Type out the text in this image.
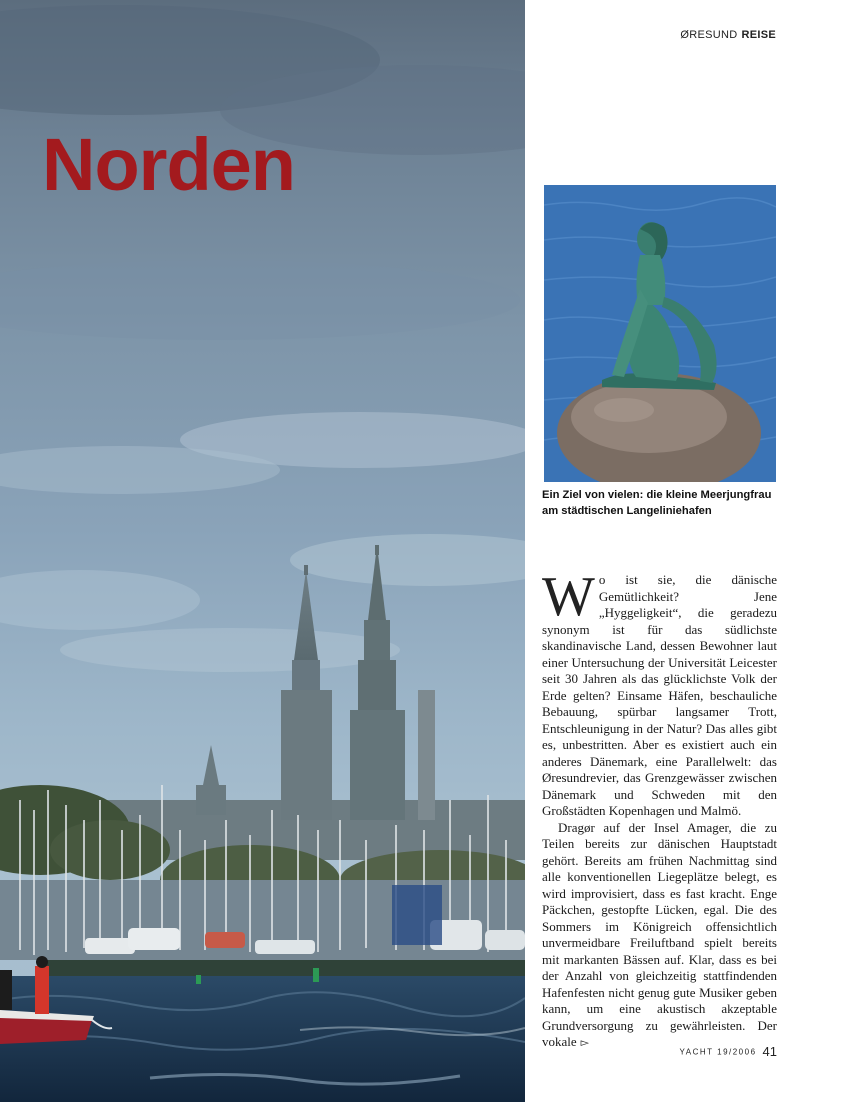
Norden
ØRESUND REISE

Ein Ziel von vielen: die kleine Meerjungfrau am städtischen Langeliniehafen

Wo ist sie, die dänische Gemütlichkeit? Jene „Hyggeligkeit“, die geradezu synonym ist für das südlichste skandinavische Land, dessen Bewohner laut einer Untersuchung der Universität Leicester seit 30 Jahren als das glücklichste Volk der Erde gelten? Einsame Häfen, beschauliche Bebauung, spürbar langsamer Trott, Entschleunigung in der Natur? Das alles gibt es, unbestritten. Aber es existiert auch ein anderes Dänemark, eine Parallelwelt: das Øresundrevier, das Grenzgewässer zwischen Dänemark und Schweden mit den Großstädten Kopenhagen und Malmö.

Dragør auf der Insel Amager, die zu Teilen bereits zur dänischen Hauptstadt gehört. Bereits am frühen Nachmittag sind alle konventionellen Liegeplätze belegt, es wird improvisiert, dass es fast kracht. Enge Päckchen, gestopfte Lücken, egal. Die des Sommers im Königreich offensichtlich unvermeidbare Freiluftband spielt bereits mit markanten Bässen auf. Klar, dass es bei der Anzahl von gleichzeitig stattfindenden Hafenfesten nicht genug gute Musiker geben kann, um eine akustisch akzeptable Grundversorgung zu gewährleisten. Der vokale ▻

YACHT 19/2006 41
